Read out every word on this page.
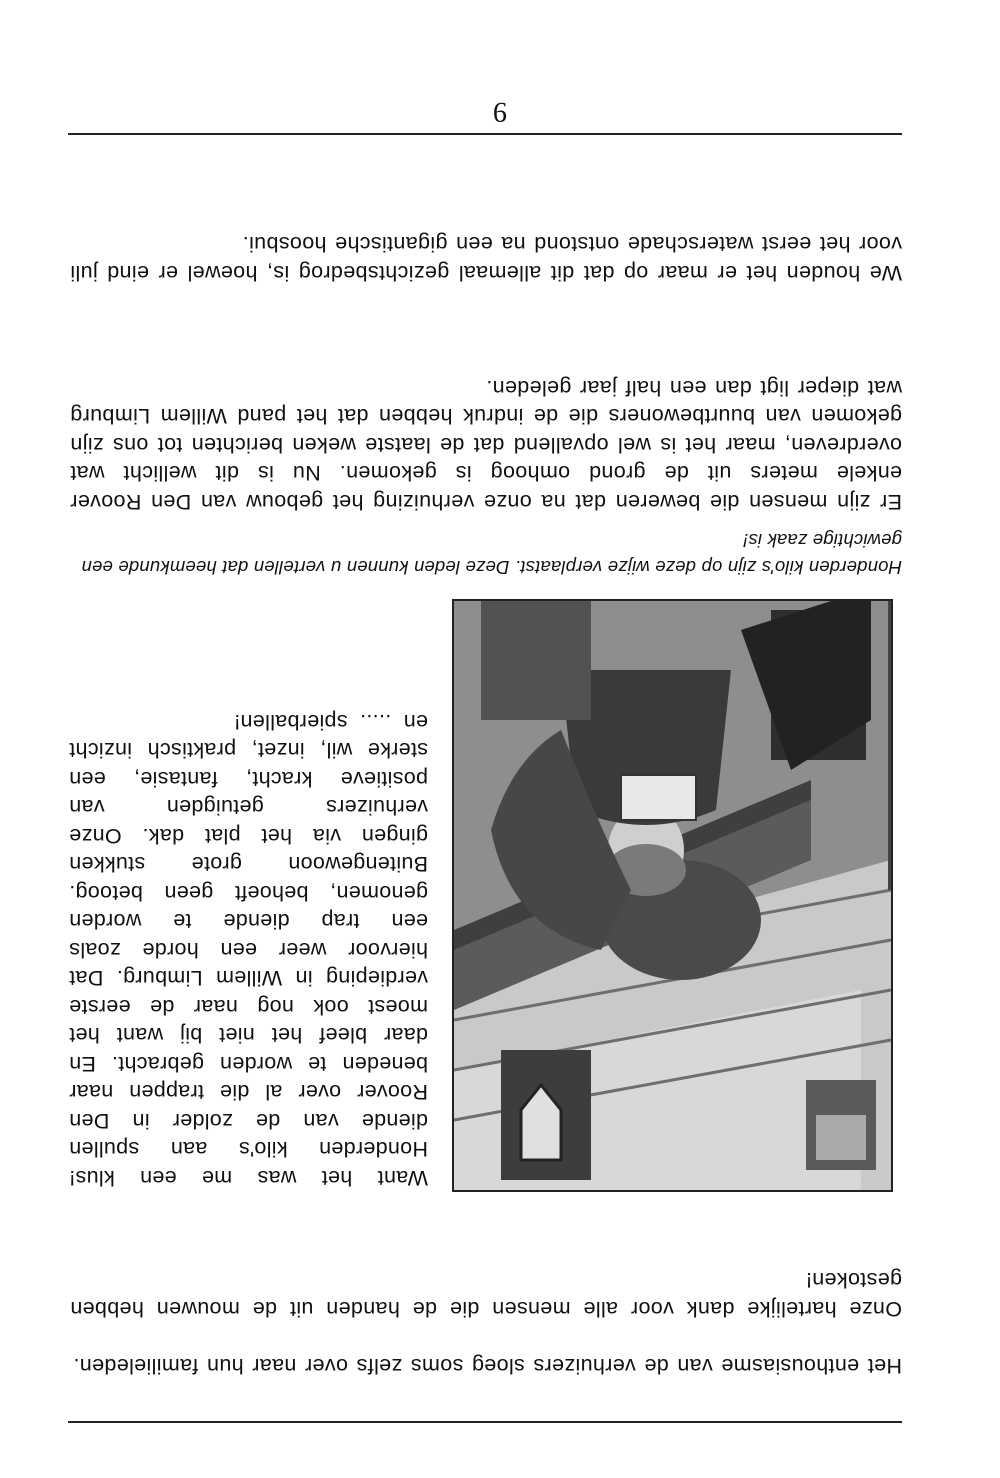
Het enthousiasme van de verhuizers sloeg soms zelfs over naar hun familieleden.

Onze hartelijke dank voor alle mensen die de handen uit de mouwen hebben gestoken!

Want het was me een klus! Honderden kilo's aan spullen diende van de zolder in Den Roover over al die trappen naar beneden te worden gebracht. En daar bleef het niet bij want het moest ook nog naar de eerste verdieping in Willem Limburg. Dat hiervoor weer een horde zoals een trap diende te worden genomen, behoeft geen betoog. Buitengewoon grote stukken gingen via het plat dak. Onze verhuizers getuigden van positieve kracht, fantasie, een sterke wil, inzet, praktisch inzicht en ..... spierballen!

Honderden kilo's zijn op deze wijze verplaatst. Deze leden kunnen u vertellen dat heemkunde een gewichtige zaak is!

Er zijn mensen die beweren dat na onze verhuizing het gebouw van Den Roover enkele meters uit de grond omhoog is gekomen. Nu is dit wellicht wat overdreven, maar het is wel opvallend dat de laatste weken berichten tot ons zijn gekomen van buurtbewoners die de indruk hebben dat het pand Willem Limburg wat dieper ligt dan een half jaar geleden.

We houden het er maar op dat dit allemaal gezichtsbedrog is, hoewel er eind juli voor het eerst waterschade ontstond na een gigantische hoosbui.

9
